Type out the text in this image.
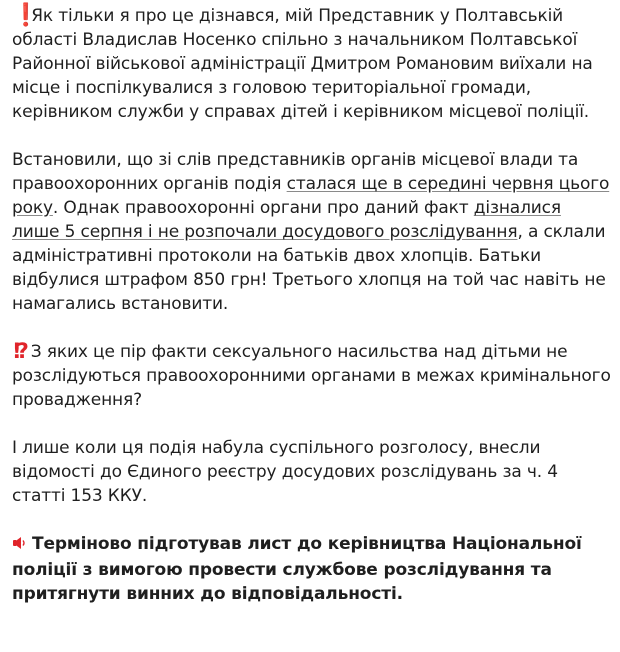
❗ Як тільки я про це дізнався, мій Представник у Полтавській області Владислав Носенко спільно з начальником Полтавської Районної військової адміністрації Дмитром Романовим виїхали на місце і поспілкувалися з головою територіальної громади, керівником служби у справах дітей і керівником місцевої поліції.

Встановили, що зі слів представників органів місцевої влади та правоохоронних органів подія сталася ще в середині червня цього року. Однак правоохоронні органи про даний факт дізналися лише 5 серпня і не розпочали досудового розслідування, а склали адміністративні протоколи на батьків двох хлопців. Батьки відбулися штрафом 850 грн! Третього хлопця на той час навіть не намагались встановити.

!? З яких це пір факти сексуального насильства над дітьми не розслідуються правоохоронними органами в межах кримінального провадження?

І лише коли ця подія набула суспільного розголосу, внесли відомості до Єдиного реєстру досудових розслідувань за ч. 4 статті 153 ККУ.

Терміново підготував лист до керівництва Національної поліції з вимогою провести службове розслідування та притягнути винних до відповідальності.
